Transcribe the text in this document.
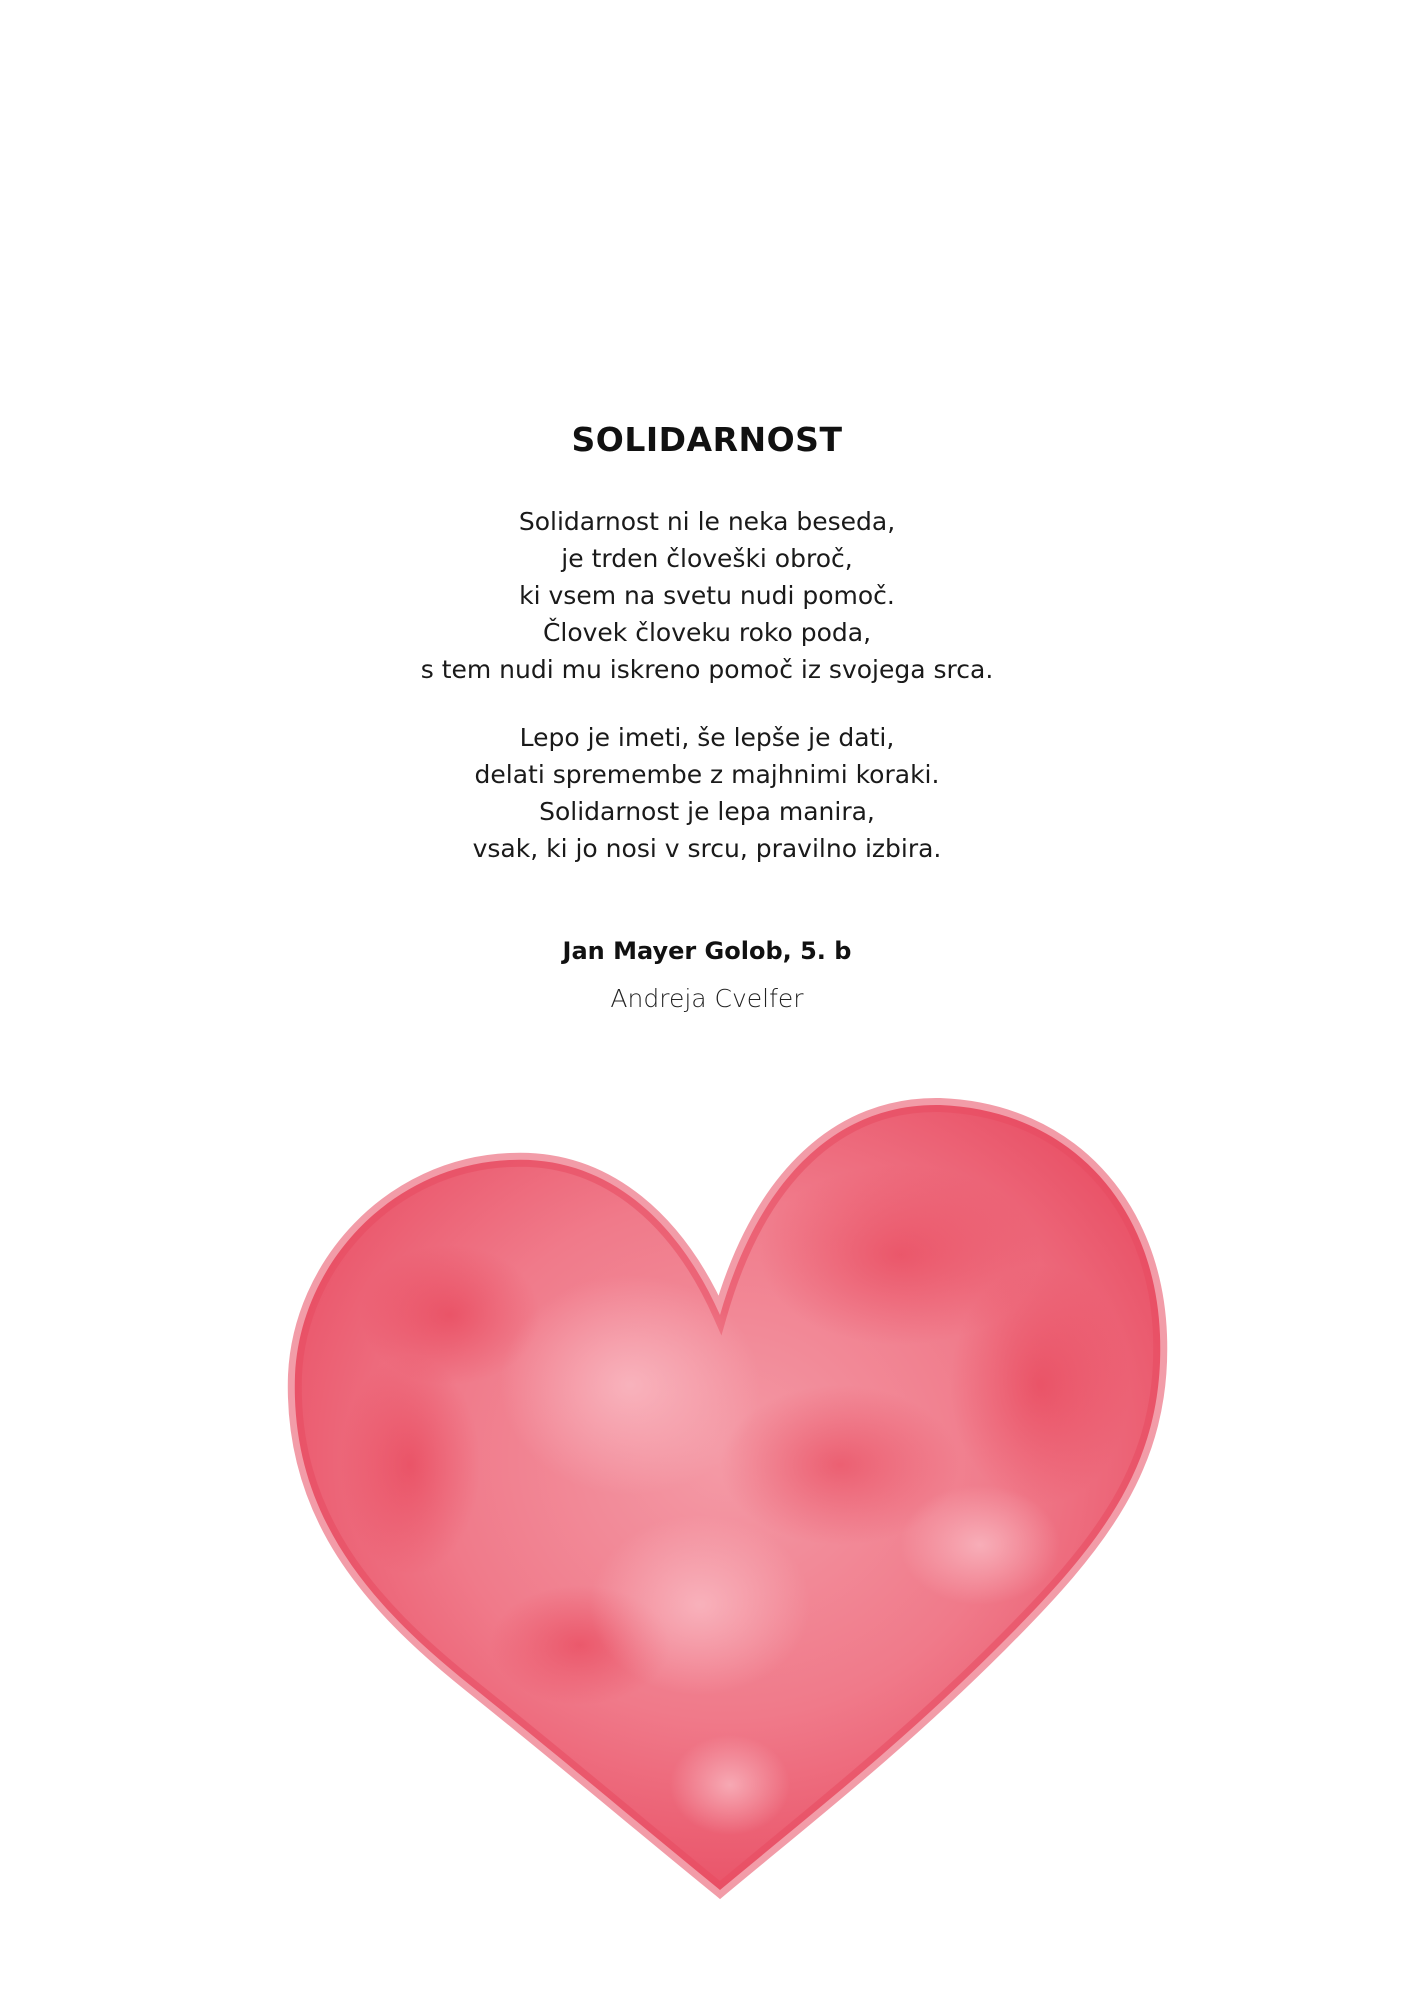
SOLIDARNOST
Solidarnost ni le neka beseda,
je trden človeški obroč,
ki vsem na svetu nudi pomoč.
Človek človeku roko poda,
s tem nudi mu iskreno pomoč iz svojega srca.
Lepo je imeti, še lepše je dati,
delati spremembe z majhnimi koraki.
Solidarnost je lepa manira,
vsak, ki jo nosi v srcu, pravilno izbira.
Jan Mayer Golob, 5. b
Andreja Cvelfer
